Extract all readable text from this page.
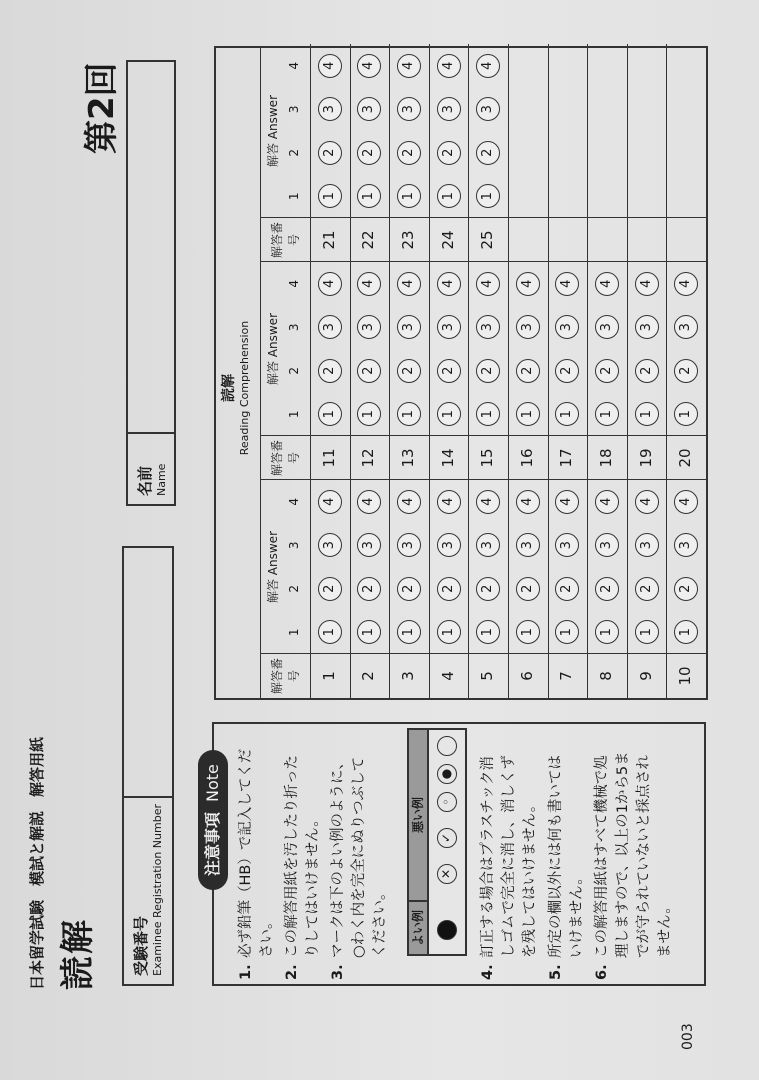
日本留学試験模試と解説解答用紙
読解
第2回
受験番号 Examinee Registration Number
名前 Name
注意事項Note
1.
必ず鉛筆（HB）で記入してください。
2.
この解答用紙を汚したり折ったりしてはいけません。
3.
マークは下のよい例のように、○わく内を完全にぬりつぶしてください。 よい例
悪い例
✕
✓
◦
●
4.
訂正する場合はプラスチック消しゴムで完全に消し、消しくずを残してはいけません。
5.
所定の欄以外には何も書いてはいけません。
6.
この解答用紙はすべて機械で処理しますので、以上の1から5までが守られていないと採点されません。
読解 Reading Comprehension
解答番号
解答 Answer
1
2
3
4
1
1
2
3
4
2
1
2
3
4
3
1
2
3
4
4
1
2
3
4
5
1
2
3
4
6
1
2
3
4
7
1
2
3
4
8
1
2
3
4
9
1
2
3
4
10
1
2
3
4
解答番号
解答 Answer
1
2
3
4
11
1
2
3
4
12
1
2
3
4
13
1
2
3
4
14
1
2
3
4
15
1
2
3
4
16
1
2
3
4
17
1
2
3
4
18
1
2
3
4
19
1
2
3
4
20
1
2
3
4
解答番号
解答 Answer
1
2
3
4
21
1
2
3
4
22
1
2
3
4
23
1
2
3
4
24
1
2
3
4
25
1
2
3
4
003
